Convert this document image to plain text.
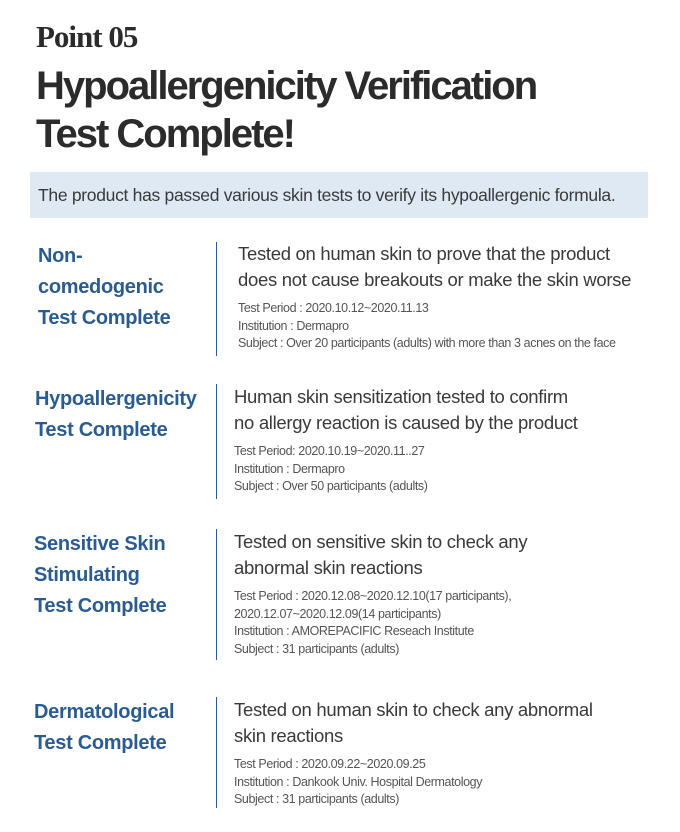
Point 05
Hypoallergenicity Verification
Test Complete!
The product has passed various skin tests to verify its hypoallergenic formula.
Non-
comedogenic
Test Complete
Tested on human skin to prove that the product
does not cause breakouts or make the skin worse
Test Period : 2020.10.12~2020.11.13
Institution : Dermapro
Subject : Over 20 participants (adults) with more than 3 acnes on the face
Hypoallergenicity
Test Complete
Human skin sensitization tested to confirm
no allergy reaction is caused by the product
Test Period: 2020.10.19~2020.11..27
Institution : Dermapro
Subject : Over 50 participants (adults)
Sensitive Skin
Stimulating
Test Complete
Tested on sensitive skin to check any
abnormal skin reactions
Test Period : 2020.12.08~2020.12.10(17 participants),
2020.12.07~2020.12.09(14 participants)
Institution : AMOREPACIFIC Reseach Institute
Subject : 31 participants (adults)
Dermatological
Test Complete
Tested on human skin to check any abnormal
skin reactions
Test Period : 2020.09.22~2020.09.25
Institution : Dankook Univ. Hospital Dermatology
Subject : 31 participants (adults)
